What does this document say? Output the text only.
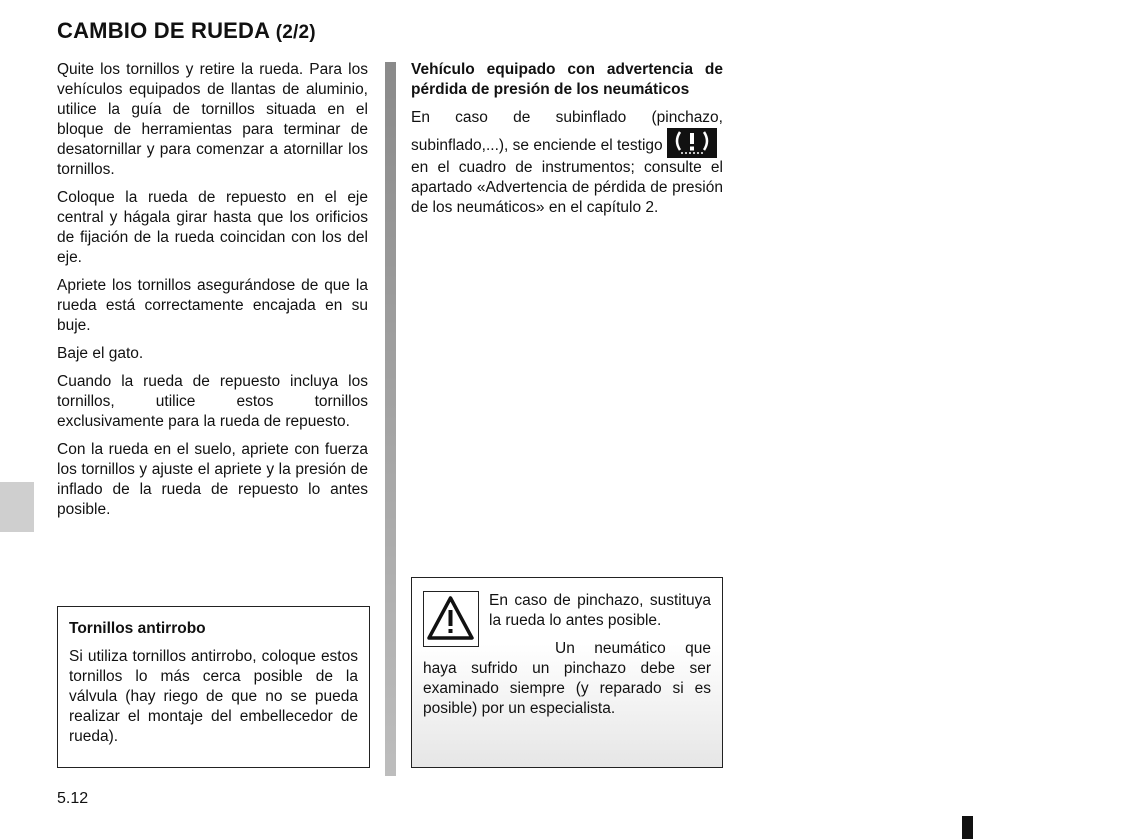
CAMBIO DE RUEDA (2/2)

Quite los tornillos y retire la rueda. Para los vehículos equipados de llantas de aluminio, utilice la guía de tornillos situada en el bloque de herramientas para terminar de desatornillar y para comenzar a atornillar los tornillos.

Coloque la rueda de repuesto en el eje central y hágala girar hasta que los orificios de fijación de la rueda coincidan con los del eje.

Apriete los tornillos asegurándose de que la rueda está correctamente encajada en su buje.

Baje el gato.

Cuando la rueda de repuesto incluya los tornillos, utilice estos tornillos exclusivamente para la rueda de repuesto.

Con la rueda en el suelo, apriete con fuerza los tornillos y ajuste el apriete y la presión de inflado de la rueda de repuesto lo antes posible.

Tornillos antirrobo
Si utiliza tornillos antirrobo, coloque estos tornillos lo más cerca posible de la válvula (hay riego de que no se pueda realizar el montaje del embellecedor de rueda).
Vehículo equipado con advertencia de pérdida de presión de los neumáticos

En caso de subinflado (pinchazo, subinflado,...), se enciende el testigo
en el cuadro de instrumentos; consulte el apartado «Advertencia de pérdida de presión de los neumáticos» en el capítulo 2.

En caso de pinchazo, sustituya la rueda lo antes posible.

Un neumático que haya sufrido un pinchazo debe ser examinado siempre (y reparado si es posible) por un especialista.

5.12
